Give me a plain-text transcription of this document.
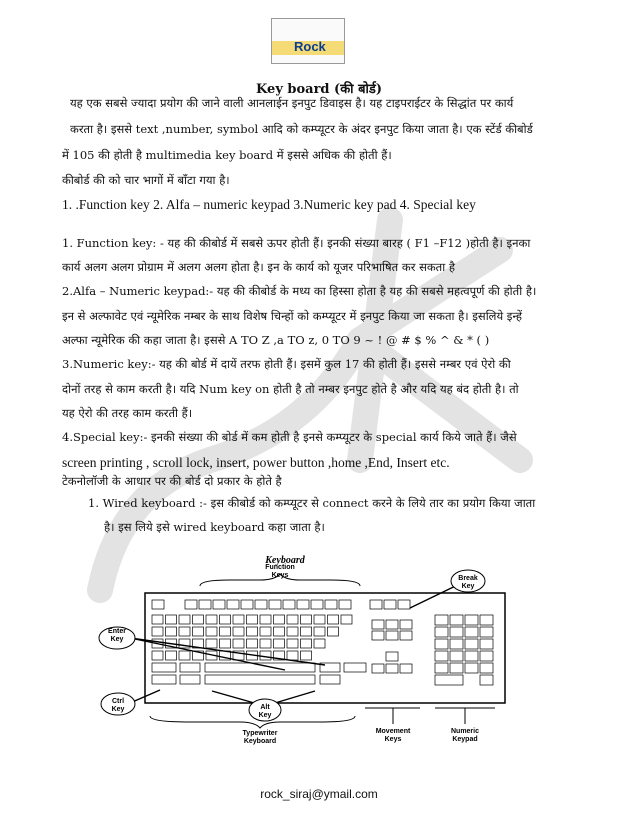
Rock
Key board (की बोर्ड)
यह एक सबसे ज्यादा प्रयोग की जाने वाली आनलाईन इनपुट डिवाइस है। यह टाइपराईटर के सिद्धांत पर कार्य
करता है। इससे text ,number, symbol आदि को कम्प्यूटर के अंदर इनपुट किया जाता है। एक स्टेंर्ड कीबोर्ड
में 105 की होती है multimedia key board में इससे अधिक की होती हैं।
कीबोर्ड की को चार भागों में बॉंटा गया है।
1. .Function key 2. Alfa – numeric keypad 3.Numeric key pad 4. Special key
1. Function key: - यह की कीबोर्ड में सबसे ऊपर होती हैं। इनकी संख्या बारह ( F1 –F12 )होती है। इनका
कार्य अलग अलग प्रोग्राम में अलग अलग होता है। इन के कार्य को यूजर परिभाषित कर सकता है
2.Alfa – Numeric keypad:- यह की कीबोर्ड के मध्य का हिस्सा होता है यह की सबसे महत्वपूर्ण की होती है।
इन से अल्फावेट एवं न्यूमेरिक नम्बर के साथ विशेष चिन्हों को कम्प्यूटर में इनपुट किया जा सकता है। इसलिये इन्हें
अल्फा न्यूमेरिक की कहा जाता है। इससे A TO Z ,a TO z, 0 TO 9 ~ ! @ # $ % ^ & * ( )
3.Numeric key:- यह की बोर्ड में दायें तरफ होती हैं। इसमें कुल 17 की होती हैं। इससे नम्बर एवं ऐरो की
दोनों तरह से काम करती है। यदि Num key on होती है तो नम्बर इनपुट होते है और यदि यह बंद होती है। तो
यह ऐरो की तरह काम करती हैं।
4.Special key:- इनकी संख्या की बोर्ड में कम होती है इनसे कम्प्यूटर के special कार्य किये जाते हैं। जैसे
screen printing , scroll lock, insert, power button ,home ,End, Insert etc.
टेकनोलॉजी के आधार पर की बोर्ड दो प्रकार के होते है
1. Wired keyboard :- इस कीबोर्ड को कम्प्यूटर से connect करने के लिये तार का प्रयोग किया जाता
है। इस लिये इसे wired keyboard कहा जाता है।
Keyboard
Enter Key
Ctrl Key	Alt Key
Break Key
Function Keys
Typewriter Keyboard
Movement Keys
Numeric Keypad
rock_siraj@ymail.com
